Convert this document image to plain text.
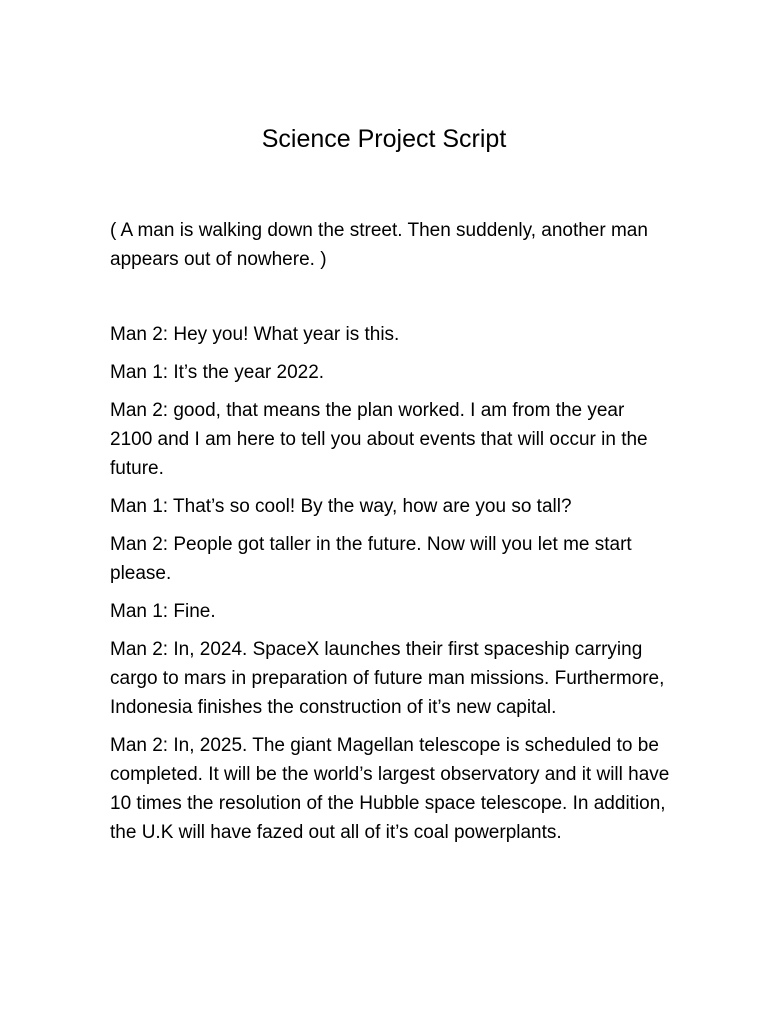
Science Project Script

( A man is walking down the street. Then suddenly, another man appears out of nowhere. )

Man 2: Hey you! What year is this.
Man 1: It’s the year 2022.
Man 2: good, that means the plan worked. I am from the year 2100 and I am here to tell you about events that will occur in the future.
Man 1: That’s so cool! By the way, how are you so tall?
Man 2: People got taller in the future. Now will you let me start please.
Man 1: Fine.
Man 2: In, 2024. SpaceX launches their first spaceship carrying cargo to mars in preparation of future man missions. Furthermore, Indonesia finishes the construction of it’s new capital.
Man 2: In, 2025. The giant Magellan telescope is scheduled to be completed. It will be the world’s largest observatory and it will have 10 times the resolution of the Hubble space telescope. In addition, the U.K will have fazed out all of it’s coal powerplants.
